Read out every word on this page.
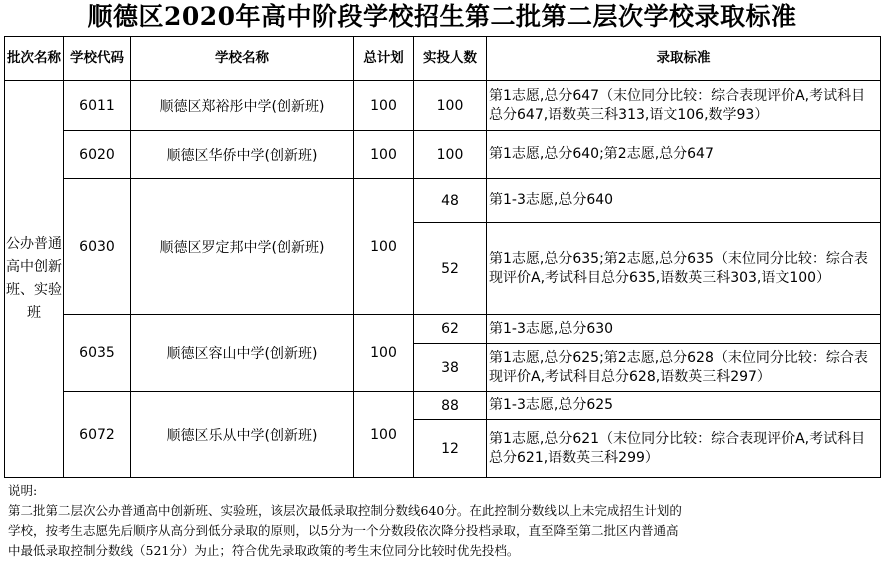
顺德区2020年高中阶段学校招生第二批第二层次学校录取标准
批次名称	学校代码	学校名称	总计划	实投人数	录取标准
公办普通高中创新班、实验班	6011	顺德区郑裕彤中学(创新班)	100	100	第1志愿,总分647（末位同分比较：综合表现评价A,考试科目总分647,语数英三科313,语文106,数学93）
	6020	顺德区华侨中学(创新班)	100	100	第1志愿,总分640;第2志愿,总分647
	6030	顺德区罗定邦中学(创新班)	100	48	第1-3志愿,总分640
				52	第1志愿,总分635;第2志愿,总分635（末位同分比较：综合表现评价A,考试科目总分635,语数英三科303,语文100）
	6035	顺德区容山中学(创新班)	100	62	第1-3志愿,总分630
				38	第1志愿,总分625;第2志愿,总分628（末位同分比较：综合表现评价A,考试科目总分628,语数英三科297）
	6072	顺德区乐从中学(创新班)	100	88	第1-3志愿,总分625
				12	第1志愿,总分621（末位同分比较：综合表现评价A,考试科目总分621,语数英三科299）
说明:
第二批第二层次公办普通高中创新班、实验班，该层次最低录取控制分数线640分。在此控制分数线以上未完成招生计划的
学校，按考生志愿先后顺序从高分到低分录取的原则，以5分为一个分数段依次降分投档录取，直至降至第二批区内普通高
中最低录取控制分数线（521分）为止；符合优先录取政策的考生末位同分比较时优先投档。
